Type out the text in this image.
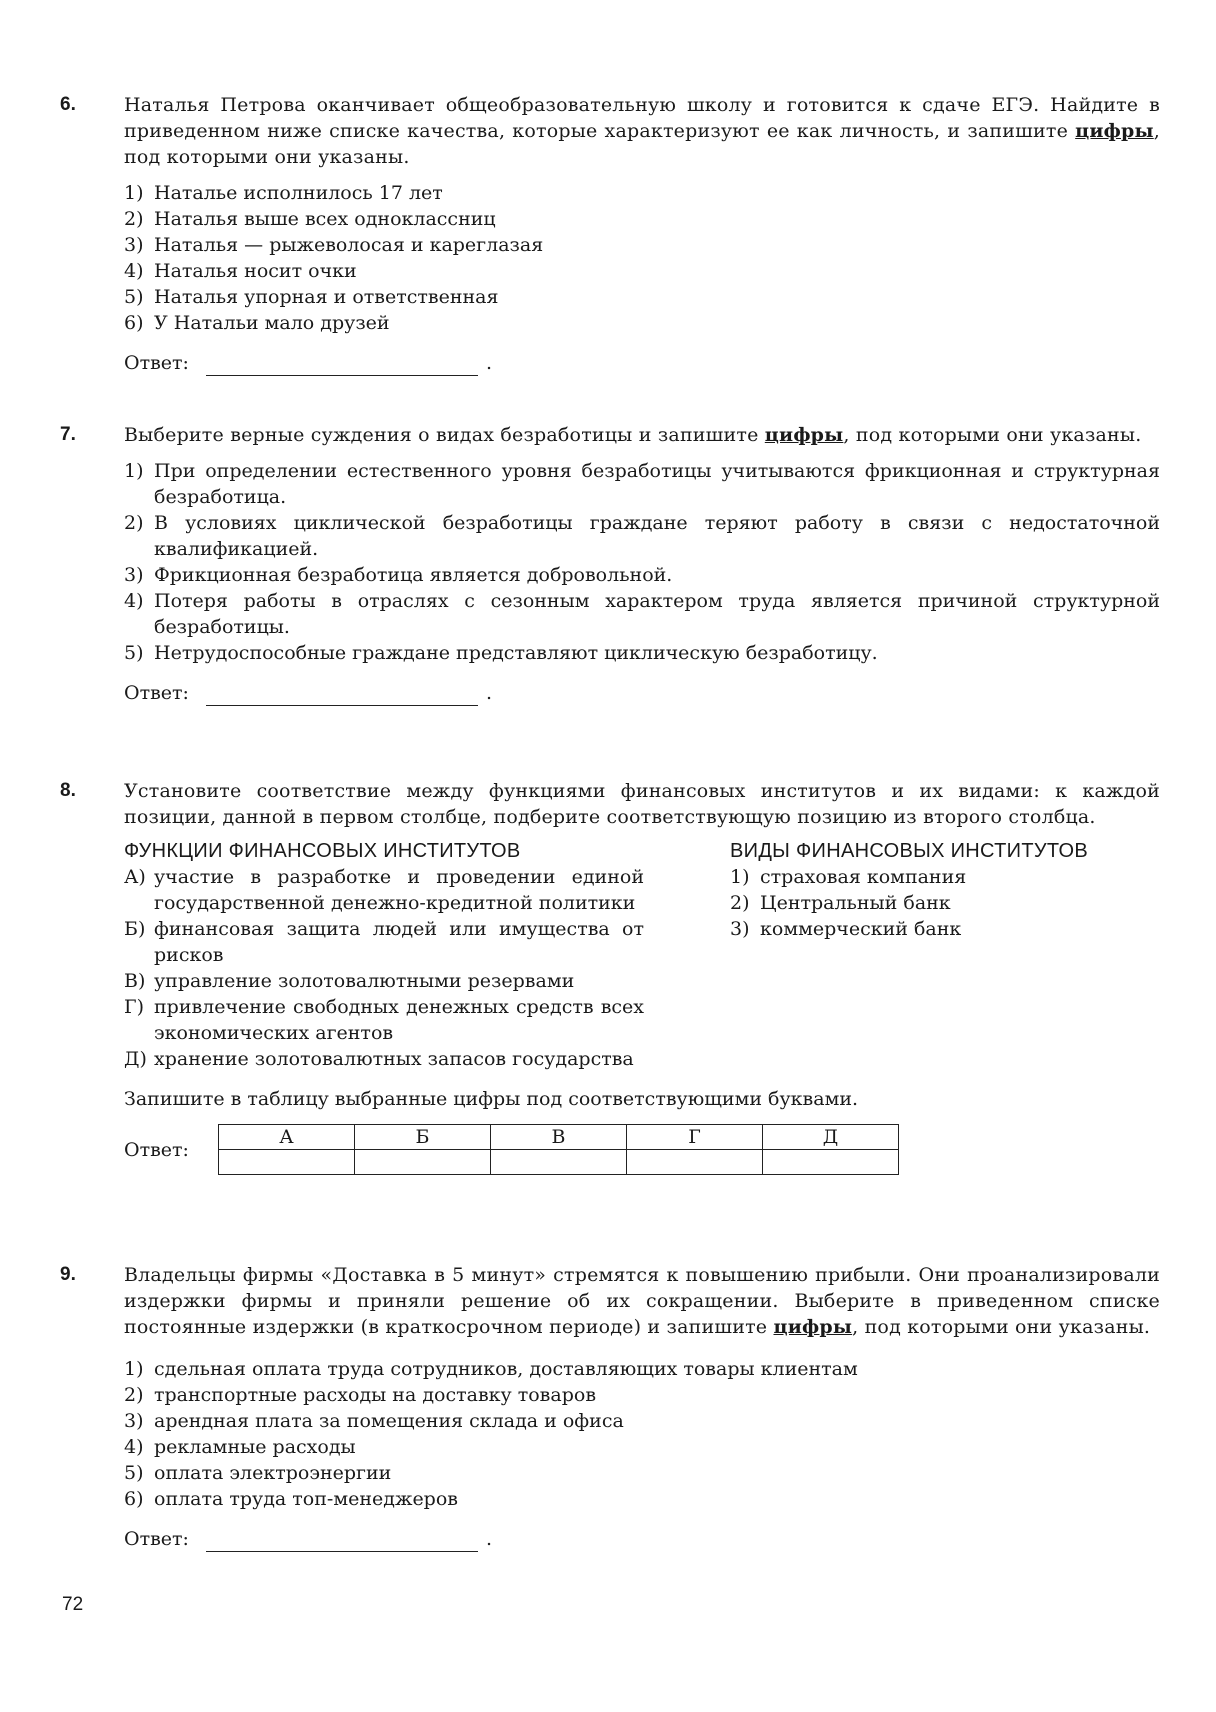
6.	Наталья Петрова оканчивает общеобразовательную школу и готовится к сдаче ЕГЭ. Найдите в приведенном ниже списке качества, которые характеризуют ее как личность, и запишите цифры, под которыми они указаны.
1) Наталье исполнилось 17 лет
2) Наталья выше всех одноклассниц
3) Наталья — рыжеволосая и кареглазая
4) Наталья носит очки
5) Наталья упорная и ответственная
6) У Натальи мало друзей
Ответ:	.
7.	Выберите верные суждения о видах безработицы и запишите цифры, под которыми они указаны.
1) При определении естественного уровня безработицы учитываются фрикционная и структурная безработица.
2) В условиях циклической безработицы граждане теряют работу в связи с недостаточной квалификацией.
3) Фрикционная безработица является добровольной.
4) Потеря работы в отраслях с сезонным характером труда является причиной структурной безработицы.
5) Нетрудоспособные граждане представляют циклическую безработицу.
Ответ:	.
8.	Установите соответствие между функциями финансовых институтов и их видами: к каждой позиции, данной в первом столбце, подберите соответствующую позицию из второго столбца.
ФУНКЦИИ ФИНАНСОВЫХ ИНСТИТУТОВ
А) участие в разработке и проведении единой государственной денежно-кредитной политики
Б) финансовая защита людей или имущества от рисков
В) управление золотовалютными резервами
Г) привлечение свободных денежных средств всех экономических агентов
Д) хранение золотовалютных запасов государства
ВИДЫ ФИНАНСОВЫХ ИНСТИТУТОВ
1) страховая компания
2) Центральный банк
3) коммерческий банк
Запишите в таблицу выбранные цифры под соответствующими буквами.
Ответ:
А	Б	В	Г	Д

9.	Владельцы фирмы «Доставка в 5 минут» стремятся к повышению прибыли. Они проанализировали издержки фирмы и приняли решение об их сокращении. Выберите в приведенном списке постоянные издержки (в краткосрочном периоде) и запишите цифры, под которыми они указаны.
1) сдельная оплата труда сотрудников, доставляющих товары клиентам
2) транспортные расходы на доставку товаров
3) арендная плата за помещения склада и офиса
4) рекламные расходы
5) оплата электроэнергии
6) оплата труда топ-менеджеров
Ответ:	.
72
